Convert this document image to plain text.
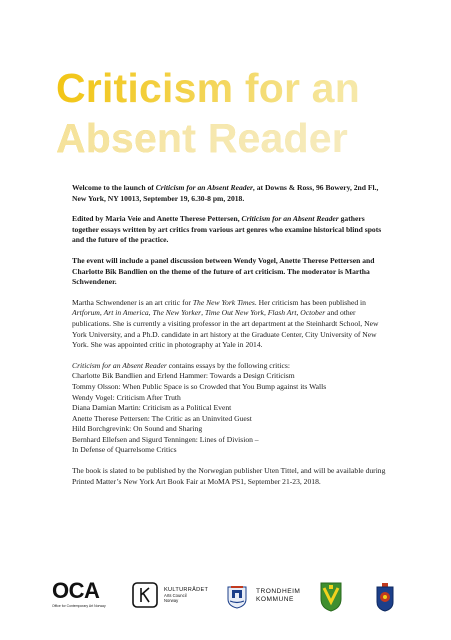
Criticism for an
Absent Reader

Welcome to the launch of Criticism for an Absent Reader, at Downs & Ross, 96 Bowery, 2nd Fl., New York, NY 10013, September 19, 6.30-8 pm, 2018.

Edited by Maria Veie and Anette Therese Pettersen, Criticism for an Absent Reader gathers together essays written by art critics from various art genres who examine historical blind spots and the future of the practice.

The event will include a panel discussion between Wendy Vogel, Anette Therese Pettersen and Charlotte Bik Bandlien on the theme of the future of art criticism. The moderator is Martha Schwendener.

Martha Schwendener is an art critic for The New York Times. Her criticism has been published in Artforum, Art in America, The New Yorker, Time Out New York, Flash Art, October and other publications. She is currently a visiting professor in the art department at the Steinhardt School, New York University, and a Ph.D. candidate in art history at the Graduate Center, City University of New York. She was appointed critic in photography at Yale in 2014.

Criticism for an Absent Reader contains essays by the following critics:
Charlotte Bik Bandlien and Erlend Hammer: Towards a Design Criticism
Tommy Olsson: When Public Space is so Crowded that You Bump against its Walls
Wendy Vogel: Criticism After Truth
Diana Damian Martin: Criticism as a Political Event
Anette Therese Pettersen: The Critic as an Uninvited Guest
Hild Borchgrevink: On Sound and Sharing
Bernhard Ellefsen and Sigurd Tenningen: Lines of Division –
In Defense of Quarrelsome Critics

The book is slated to be published by the Norwegian publisher Uten Tittel, and will be available during Printed Matter’s New York Art Book Fair at MoMA PS1, September 21-23, 2018.

OCA
Office for Contemporary Art Norway
KULTURRÅDET
Arts Council
Norway
TRONDHEIM
KOMMUNE
